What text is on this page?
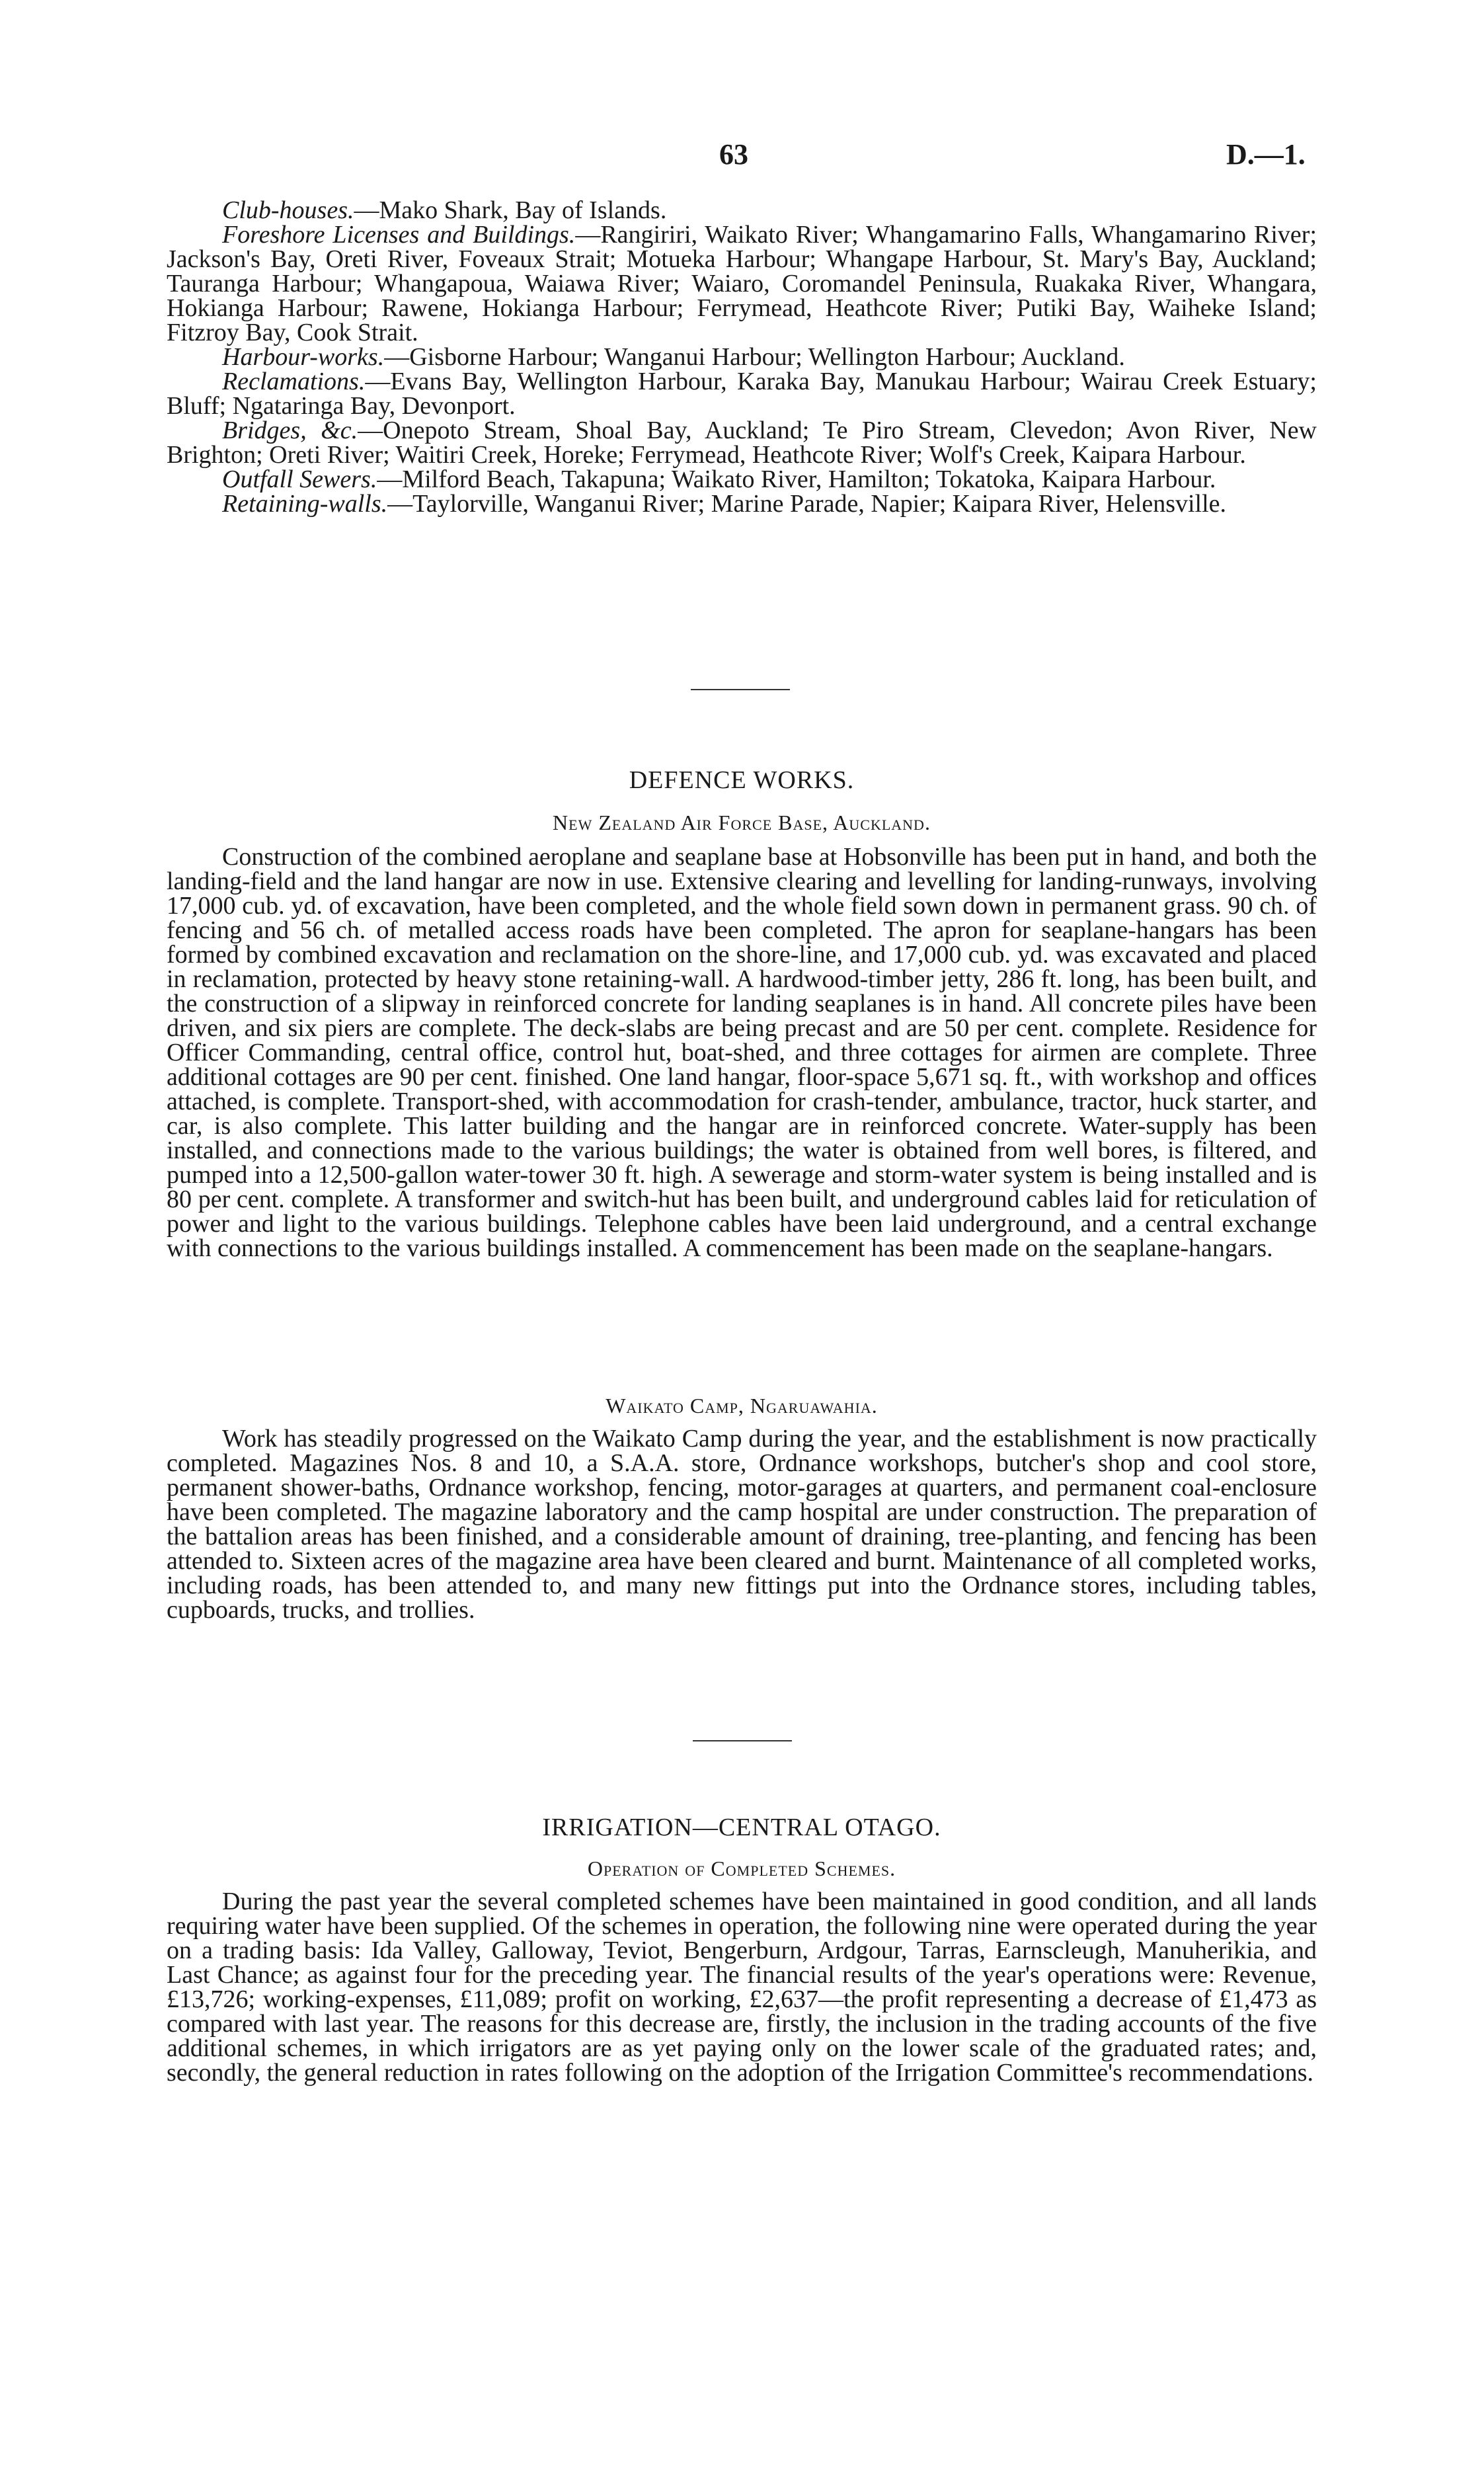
63	D.—1.

Club-houses.—Mako Shark, Bay of Islands.

Foreshore Licenses and Buildings.—Rangiriri, Waikato River; Whangamarino Falls, Whangamarino River; Jackson's Bay, Oreti River, Foveaux Strait; Motueka Harbour; Whangape Harbour, St. Mary's Bay, Auckland; Tauranga Harbour; Whangapoua, Waiawa River; Waiaro, Coromandel Peninsula, Ruakaka River, Whangara, Hokianga Harbour; Rawene, Hokianga Harbour; Ferrymead, Heathcote River; Putiki Bay, Waiheke Island; Fitzroy Bay, Cook Strait.

Harbour-works.—Gisborne Harbour; Wanganui Harbour; Wellington Harbour; Auckland.

Reclamations.—Evans Bay, Wellington Harbour, Karaka Bay, Manukau Harbour; Wairau Creek Estuary; Bluff; Ngataringa Bay, Devonport.

Bridges, &c.—Onepoto Stream, Shoal Bay, Auckland; Te Piro Stream, Clevedon; Avon River, New Brighton; Oreti River; Waitiri Creek, Horeke; Ferrymead, Heathcote River; Wolf's Creek, Kaipara Harbour.

Outfall Sewers.—Milford Beach, Takapuna; Waikato River, Hamilton; Tokatoka, Kaipara Harbour.

Retaining-walls.—Taylorville, Wanganui River; Marine Parade, Napier; Kaipara River, Helensville.

DEFENCE WORKS.
New Zealand Air Force Base, Auckland.

Construction of the combined aeroplane and seaplane base at Hobsonville has been put in hand, and both the landing-field and the land hangar are now in use. Extensive clearing and levelling for landing-runways, involving 17,000 cub. yd. of excavation, have been completed, and the whole field sown down in permanent grass. 90 ch. of fencing and 56 ch. of metalled access roads have been completed. The apron for seaplane-hangars has been formed by combined excavation and reclamation on the shore-line, and 17,000 cub. yd. was excavated and placed in reclamation, protected by heavy stone retaining-wall. A hardwood-timber jetty, 286 ft. long, has been built, and the construction of a slipway in reinforced concrete for landing seaplanes is in hand. All concrete piles have been driven, and six piers are complete. The deck-slabs are being precast and are 50 per cent. complete. Residence for Officer Commanding, central office, control hut, boat-shed, and three cottages for airmen are complete. Three additional cottages are 90 per cent. finished. One land hangar, floor-space 5,671 sq. ft., with workshop and offices attached, is complete. Transport-shed, with accommodation for crash-tender, ambulance, tractor, huck starter, and car, is also complete. This latter building and the hangar are in reinforced concrete. Water-supply has been installed, and connections made to the various buildings; the water is obtained from well bores, is filtered, and pumped into a 12,500-gallon water-tower 30 ft. high. A sewerage and storm-water system is being installed and is 80 per cent. complete. A transformer and switch-hut has been built, and underground cables laid for reticulation of power and light to the various buildings. Telephone cables have been laid underground, and a central exchange with connections to the various buildings installed. A commencement has been made on the seaplane-hangars.

Waikato Camp, Ngaruawahia.

Work has steadily progressed on the Waikato Camp during the year, and the establishment is now practically completed. Magazines Nos. 8 and 10, a S.A.A. store, Ordnance workshops, butcher's shop and cool store, permanent shower-baths, Ordnance workshop, fencing, motor-garages at quarters, and permanent coal-enclosure have been completed. The magazine laboratory and the camp hospital are under construction. The preparation of the battalion areas has been finished, and a considerable amount of draining, tree-planting, and fencing has been attended to. Sixteen acres of the magazine area have been cleared and burnt. Maintenance of all completed works, including roads, has been attended to, and many new fittings put into the Ordnance stores, including tables, cupboards, trucks, and trollies.

IRRIGATION—CENTRAL OTAGO.
Operation of Completed Schemes.

During the past year the several completed schemes have been maintained in good condition, and all lands requiring water have been supplied. Of the schemes in operation, the following nine were operated during the year on a trading basis: Ida Valley, Galloway, Teviot, Bengerburn, Ardgour, Tarras, Earnscleugh, Manuherikia, and Last Chance; as against four for the preceding year. The financial results of the year's operations were: Revenue, £13,726; working-expenses, £11,089; profit on working, £2,637—the profit representing a decrease of £1,473 as compared with last year. The reasons for this decrease are, firstly, the inclusion in the trading accounts of the five additional schemes, in which irrigators are as yet paying only on the lower scale of the graduated rates; and, secondly, the general reduction in rates following on the adoption of the Irrigation Committee's recommendations.
